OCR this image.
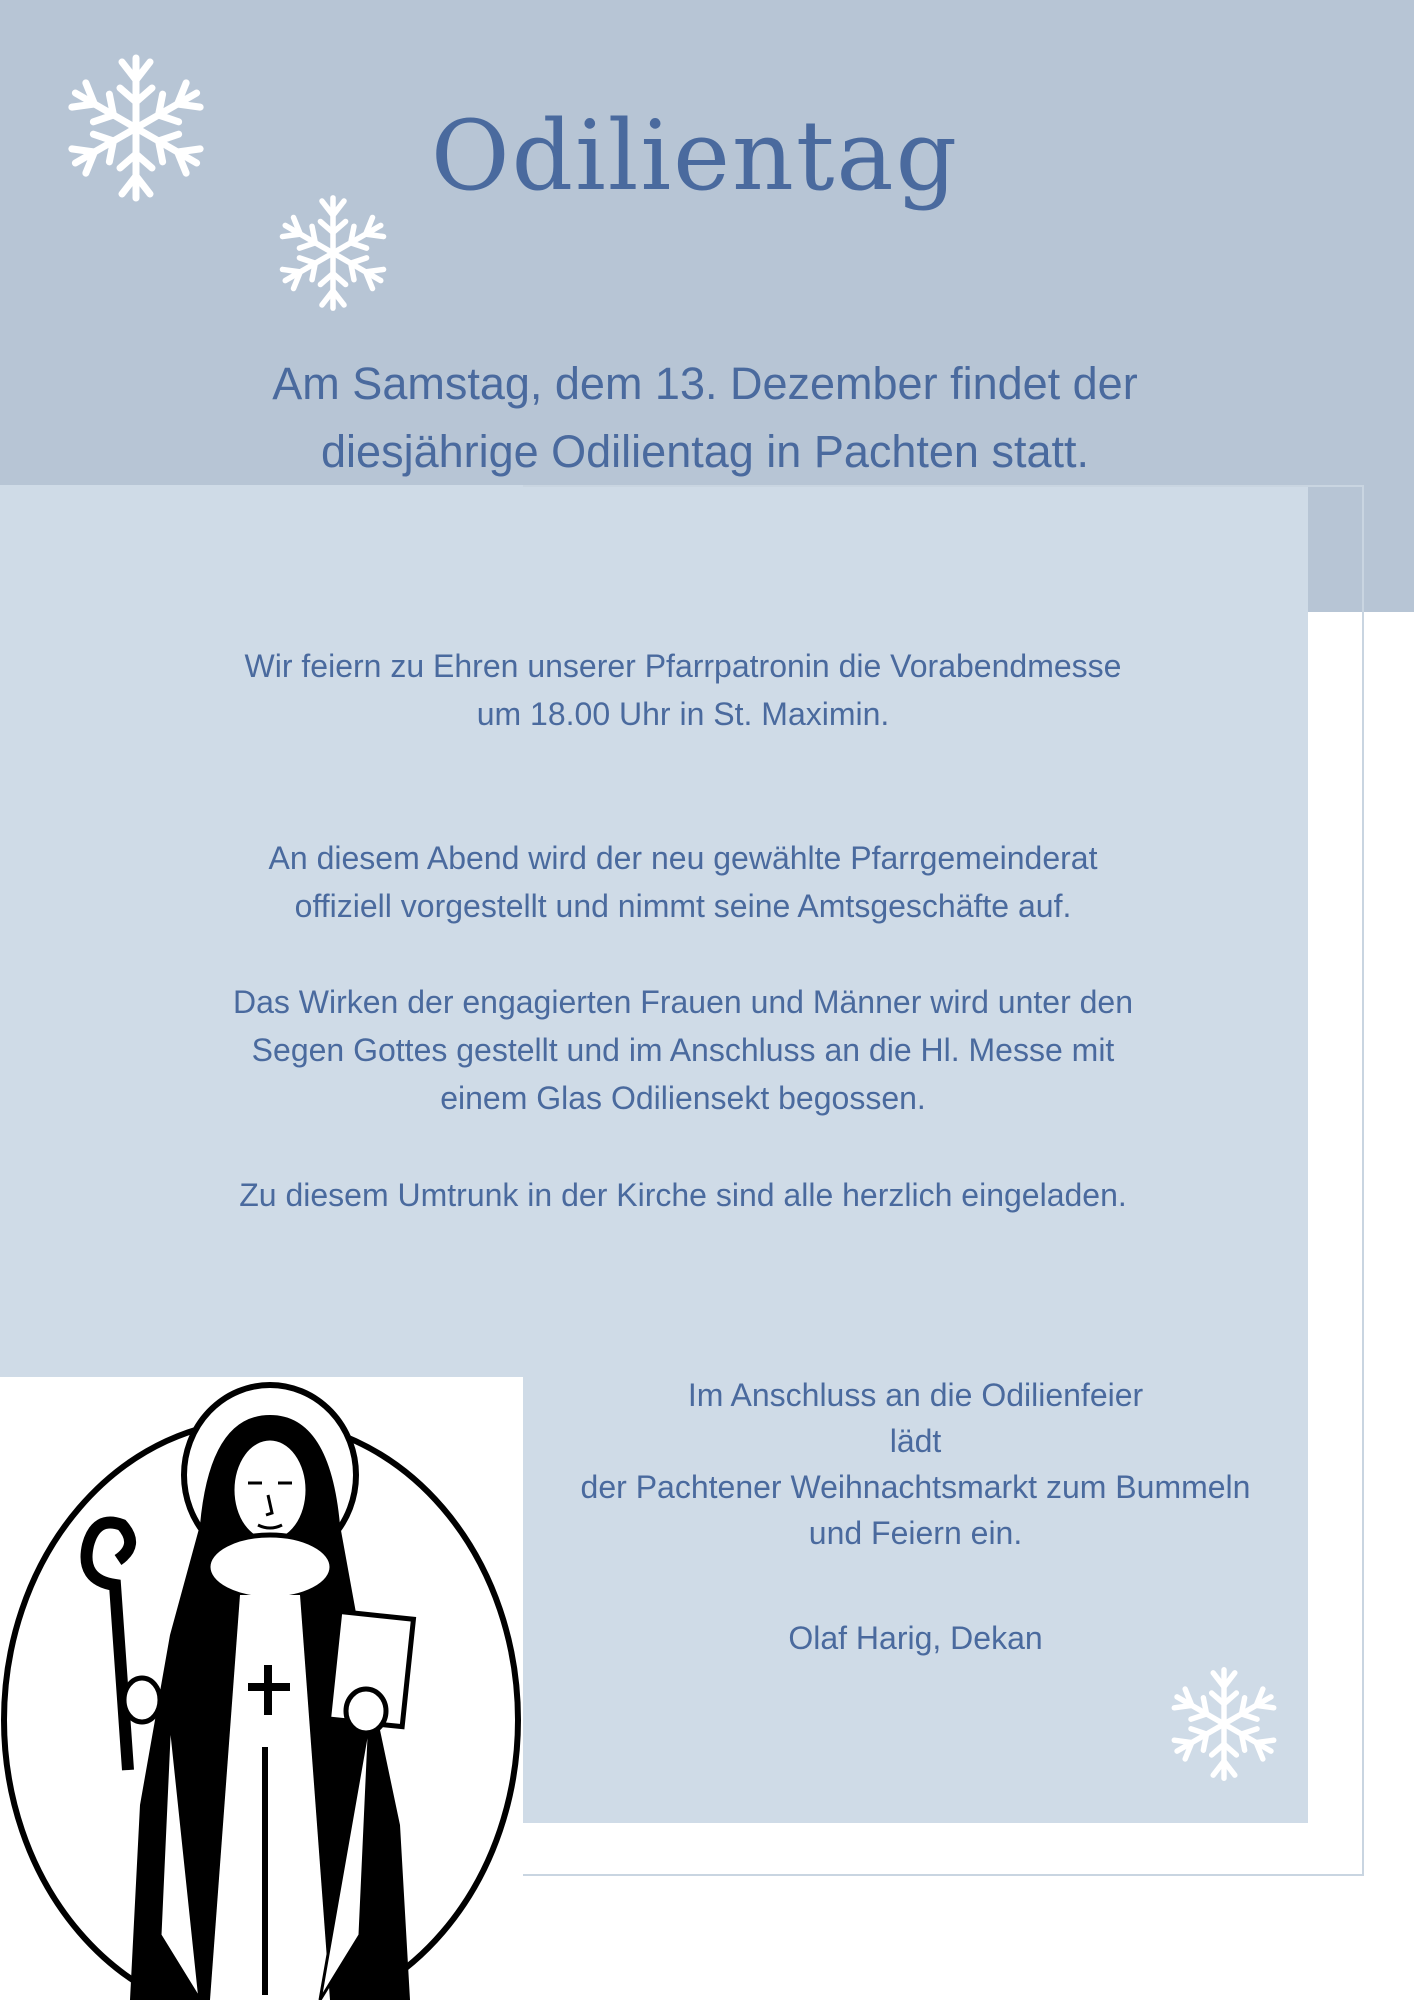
Odilientag
Am Samstag, dem 13. Dezember findet der
diesjährige Odilientag in Pachten statt.
Wir feiern zu Ehren unserer Pfarrpatronin die Vorabendmesse
um 18.00 Uhr in St. Maximin.
An diesem Abend wird der neu gewählte Pfarrgemeinderat
offiziell vorgestellt und nimmt seine Amtsgeschäfte auf.
Das Wirken der engagierten Frauen und Männer wird unter den
Segen Gottes gestellt und im Anschluss an die Hl. Messe mit
einem Glas Odiliensekt begossen.
Zu diesem Umtrunk in der Kirche sind alle herzlich eingeladen.
Im Anschluss an die Odilienfeier
lädt
der Pachtener Weihnachtsmarkt zum Bummeln
und Feiern ein.
Olaf Harig, Dekan
